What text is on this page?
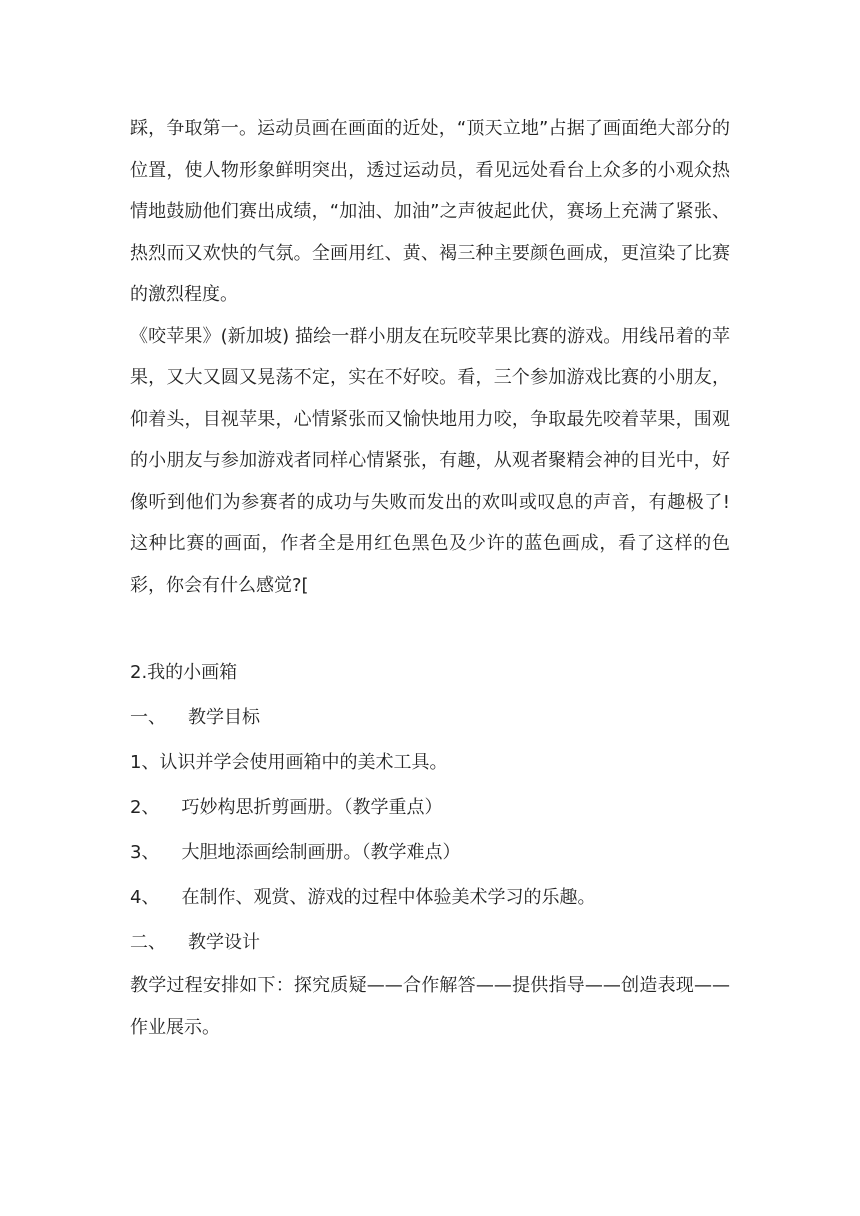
踩，争取第一。运动员画在画面的近处，“顶天立地”占据了画面绝大部分的位置，使人物形象鲜明突出，透过运动员，看见远处看台上众多的小观众热情地鼓励他们赛出成绩，“加油、加油”之声彼起此伏，赛场上充满了紧张、热烈而又欢快的气氛。全画用红、黄、褐三种主要颜色画成，更渲染了比赛的激烈程度。

《咬苹果》(新加坡) 描绘一群小朋友在玩咬苹果比赛的游戏。用线吊着的苹果，又大又圆又晃荡不定，实在不好咬。看，三个参加游戏比赛的小朋友，仰着头，目视苹果，心情紧张而又愉快地用力咬，争取最先咬着苹果，围观的小朋友与参加游戏者同样心情紧张，有趣，从观者聚精会神的目光中，好像听到他们为参赛者的成功与失败而发出的欢叫或叹息的声音，有趣极了!这种比赛的画面，作者全是用红色黑色及少许的蓝色画成，看了这样的色彩，你会有什么感觉?[

2.我的小画箱

一、 教学目标

1、认识并学会使用画箱中的美术工具。

2、 巧妙构思折剪画册。（教学重点）

3、 大胆地添画绘制画册。（教学难点）

4、 在制作、观赏、游戏的过程中体验美术学习的乐趣。

二、 教学设计

教学过程安排如下：探究质疑——合作解答——提供指导——创造表现——作业展示。
